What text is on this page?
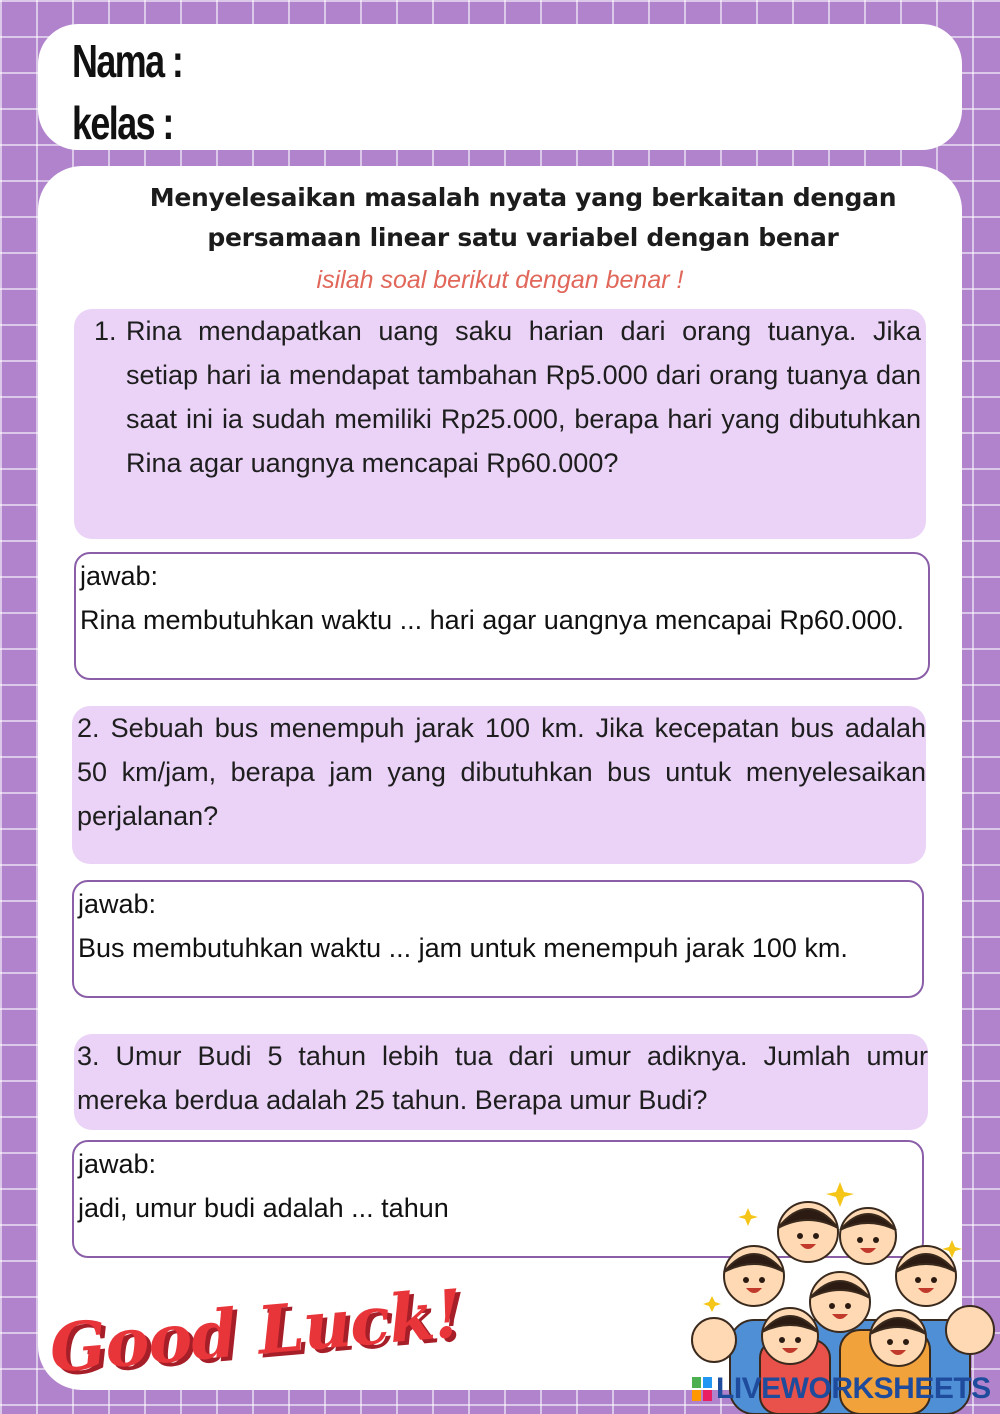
Nama :
kelas :
Menyelesaikan masalah nyata yang berkaitan dengan persamaan linear satu variabel dengan benar
isilah soal berikut dengan benar !
1. Rina mendapatkan uang saku harian dari orang tuanya. Jika setiap hari ia mendapat tambahan Rp5.000 dari orang tuanya dan saat ini ia sudah memiliki Rp25.000, berapa hari yang dibutuhkan Rina agar uangnya mencapai Rp60.000?
jawab:
Rina membutuhkan waktu ... hari agar uangnya mencapai Rp60.000.
2. Sebuah bus menempuh jarak 100 km. Jika kecepatan bus adalah 50 km/jam, berapa jam yang dibutuhkan bus untuk menyelesaikan perjalanan?
jawab:
Bus membutuhkan waktu ... jam untuk menempuh jarak 100 km.
3. Umur Budi 5 tahun lebih tua dari umur adiknya. Jumlah umur mereka berdua adalah 25 tahun. Berapa umur Budi?
jawab:
jadi, umur budi adalah ... tahun
Good Luck!
LIVEWORKSHEETS
